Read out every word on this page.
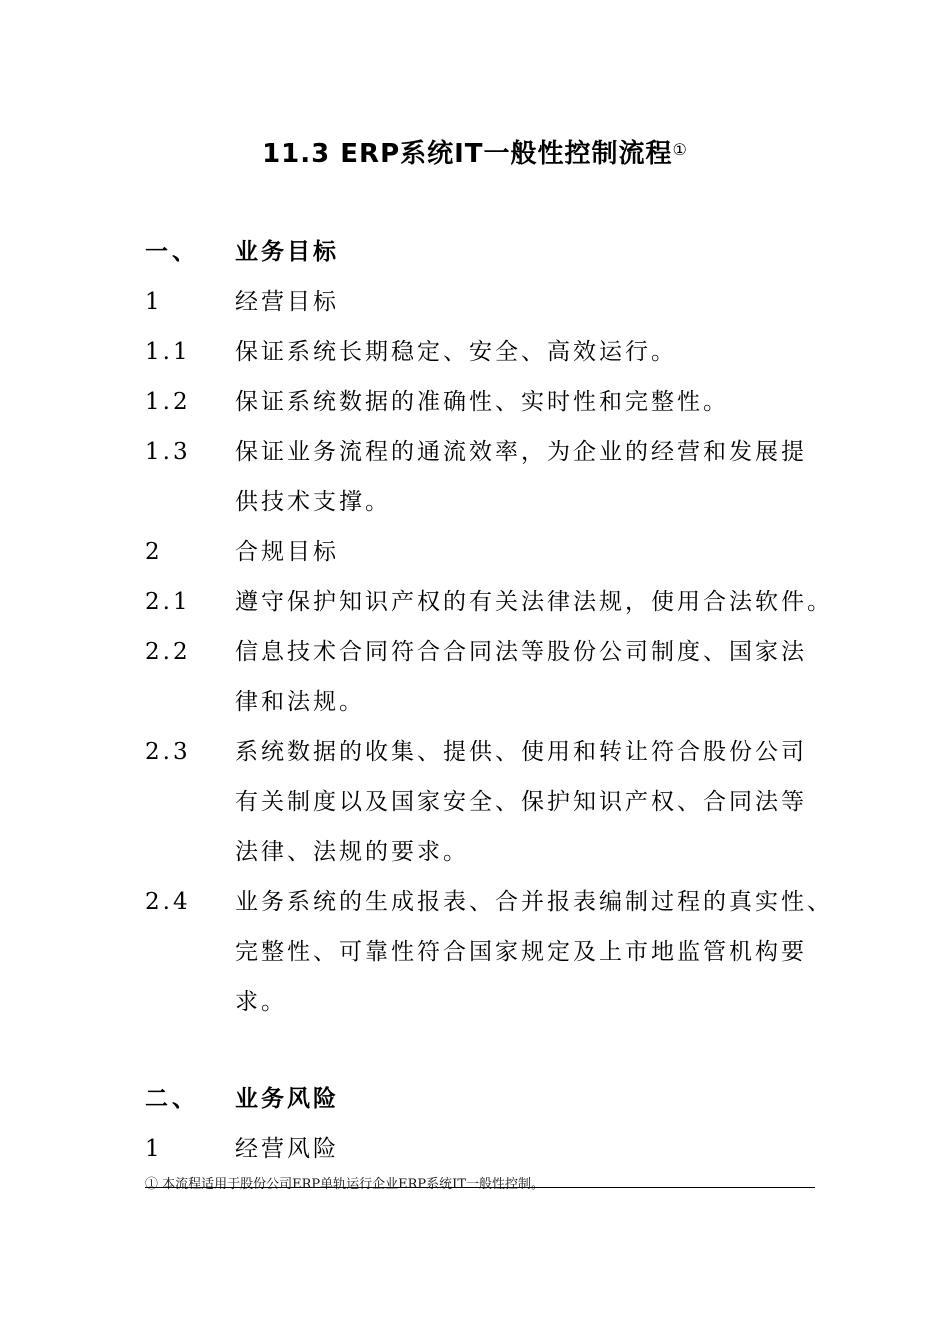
11.3 ERP系统IT一般性控制流程①
一、 业务目标
1	经营目标
1.1 保证系统长期稳定、安全、高效运行。
1.2 保证系统数据的准确性、实时性和完整性。
1.3 保证业务流程的通流效率，为企业的经营和发展提
供技术支撑。
2	合规目标
2.1 遵守保护知识产权的有关法律法规，使用合法软件。
2.2 信息技术合同符合合同法等股份公司制度、国家法
律和法规。
2.3 系统数据的收集、提供、使用和转让符合股份公司
有关制度以及国家安全、保护知识产权、合同法等
法律、法规的要求。
2.4 业务系统的生成报表、合并报表编制过程的真实性、
完整性、可靠性符合国家规定及上市地监管机构要
求。
二、 业务风险
1	经营风险
① 本流程适用于股份公司ERP单轨运行企业ERP系统IT一般性控制。
